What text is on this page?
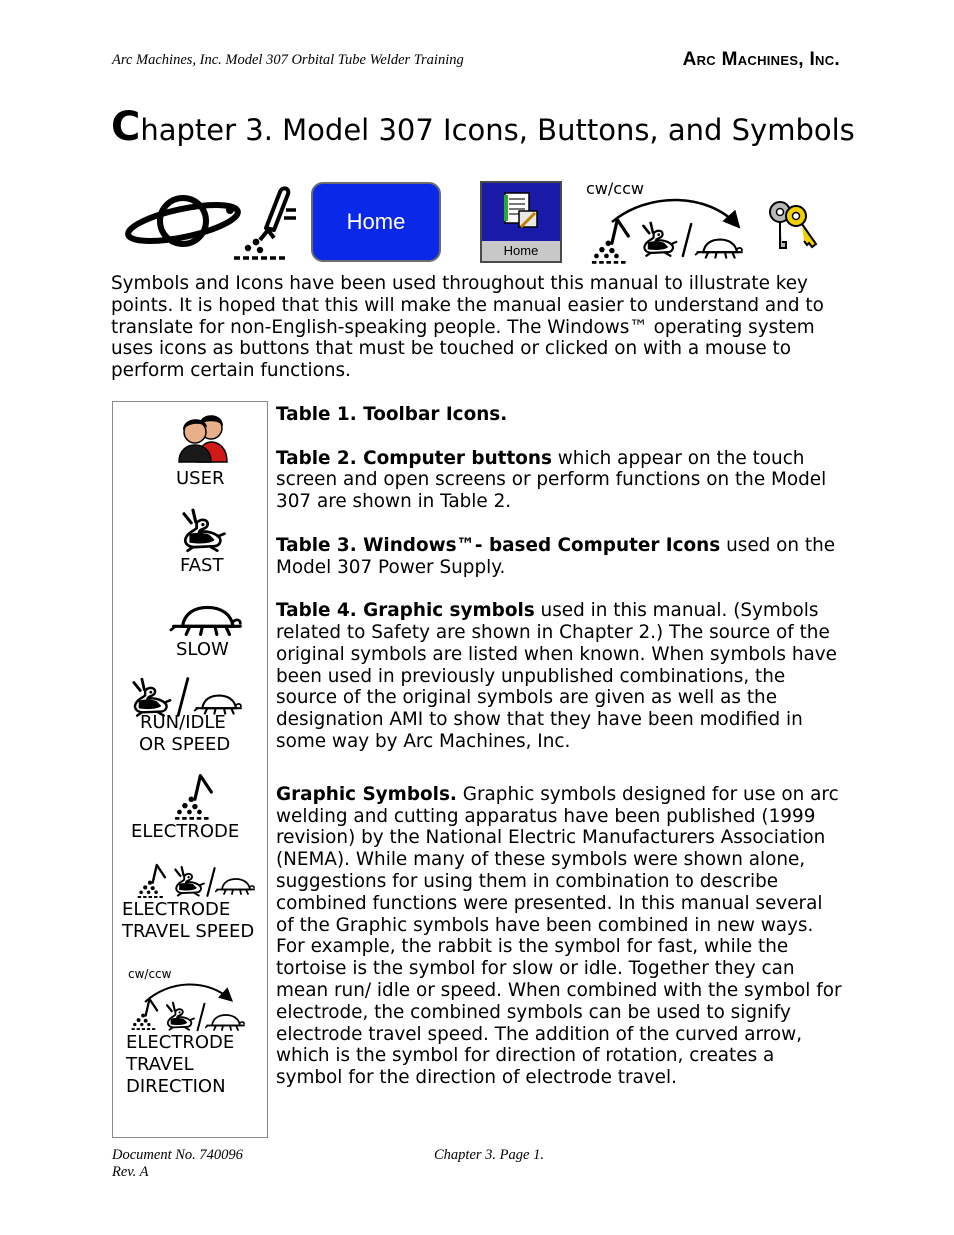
Arc Machines, Inc. Model 307 Orbital Tube Welder Training	Arc Machines, Inc.
Chapter 3. Model 307 Icons, Buttons, and Symbols
Home
Home
cw/ccw
Symbols and Icons have been used throughout this manual to illustrate key points. It is hoped that this will make the manual easier to understand and to translate for non-English-speaking people. The Windows™ operating system uses icons as buttons that must be touched or clicked on with a mouse to perform certain functions.
USER
FAST
SLOW
RUN/IDLE
OR SPEED
ELECTRODE
ELECTRODE
TRAVEL SPEED
cw/ccw
ELECTRODE
TRAVEL
DIRECTION

Table 1. Toolbar Icons.

Table 2. Computer buttons which appear on the touch screen and open screens or perform functions on the Model 307 are shown in Table 2.

Table 3. Windows™- based Computer Icons used on the Model 307 Power Supply.

Table 4. Graphic symbols used in this manual. (Symbols related to Safety are shown in Chapter 2.) The source of the original symbols are listed when known. When symbols have been used in previously unpublished combinations, the source of the original symbols are given as well as the designation AMI to show that they have been modified in some way by Arc Machines, Inc.

Graphic Symbols. Graphic symbols designed for use on arc welding and cutting apparatus have been published (1999 revision) by the National Electric Manufacturers Association (NEMA). While many of these symbols were shown alone, suggestions for using them in combination to describe combined functions were presented. In this manual several of the Graphic symbols have been combined in new ways. For example, the rabbit is the symbol for fast, while the tortoise is the symbol for slow or idle. Together they can mean run/ idle or speed. When combined with the symbol for electrode, the combined symbols can be used to signify electrode travel speed. The addition of the curved arrow, which is the symbol for direction of rotation, creates a symbol for the direction of electrode travel.

Document No. 740096
Rev. A
Chapter 3. Page 1.
